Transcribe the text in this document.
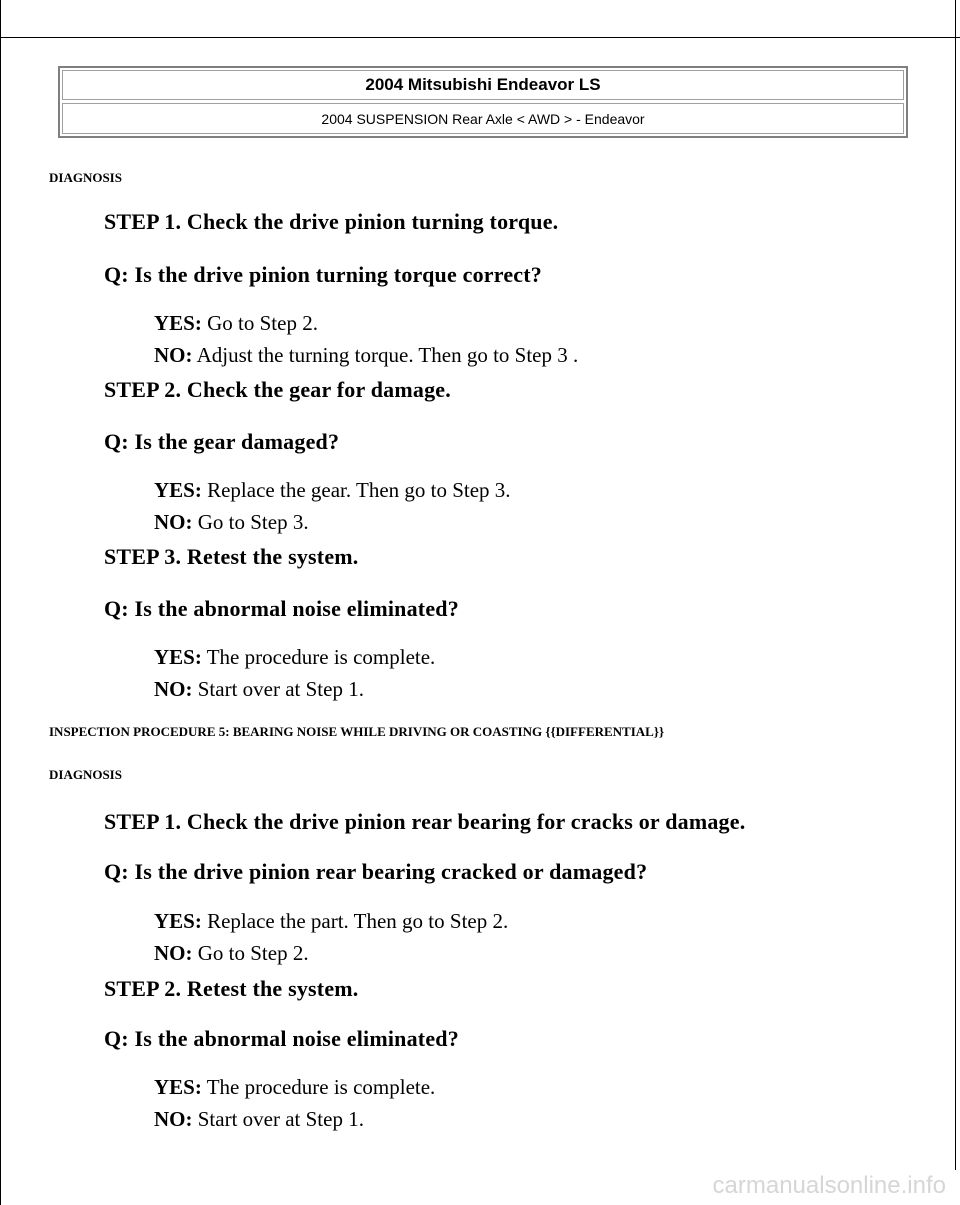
2004 Mitsubishi Endeavor LS
2004 SUSPENSION Rear Axle < AWD > - Endeavor
DIAGNOSIS
STEP 1. Check the drive pinion turning torque.
Q: Is the drive pinion turning torque correct?
YES: Go to Step 2.
NO: Adjust the turning torque. Then go to Step 3 .
STEP 2. Check the gear for damage.
Q: Is the gear damaged?
YES: Replace the gear. Then go to Step 3.
NO: Go to Step 3.
STEP 3. Retest the system.
Q: Is the abnormal noise eliminated?
YES: The procedure is complete.
NO: Start over at Step 1.
INSPECTION PROCEDURE 5: BEARING NOISE WHILE DRIVING OR COASTING {{DIFFERENTIAL}}
DIAGNOSIS
STEP 1. Check the drive pinion rear bearing for cracks or damage.
Q: Is the drive pinion rear bearing cracked or damaged?
YES: Replace the part. Then go to Step 2.
NO: Go to Step 2.
STEP 2. Retest the system.
Q: Is the abnormal noise eliminated?
YES: The procedure is complete.
NO: Start over at Step 1.
carmanualsonline.info
